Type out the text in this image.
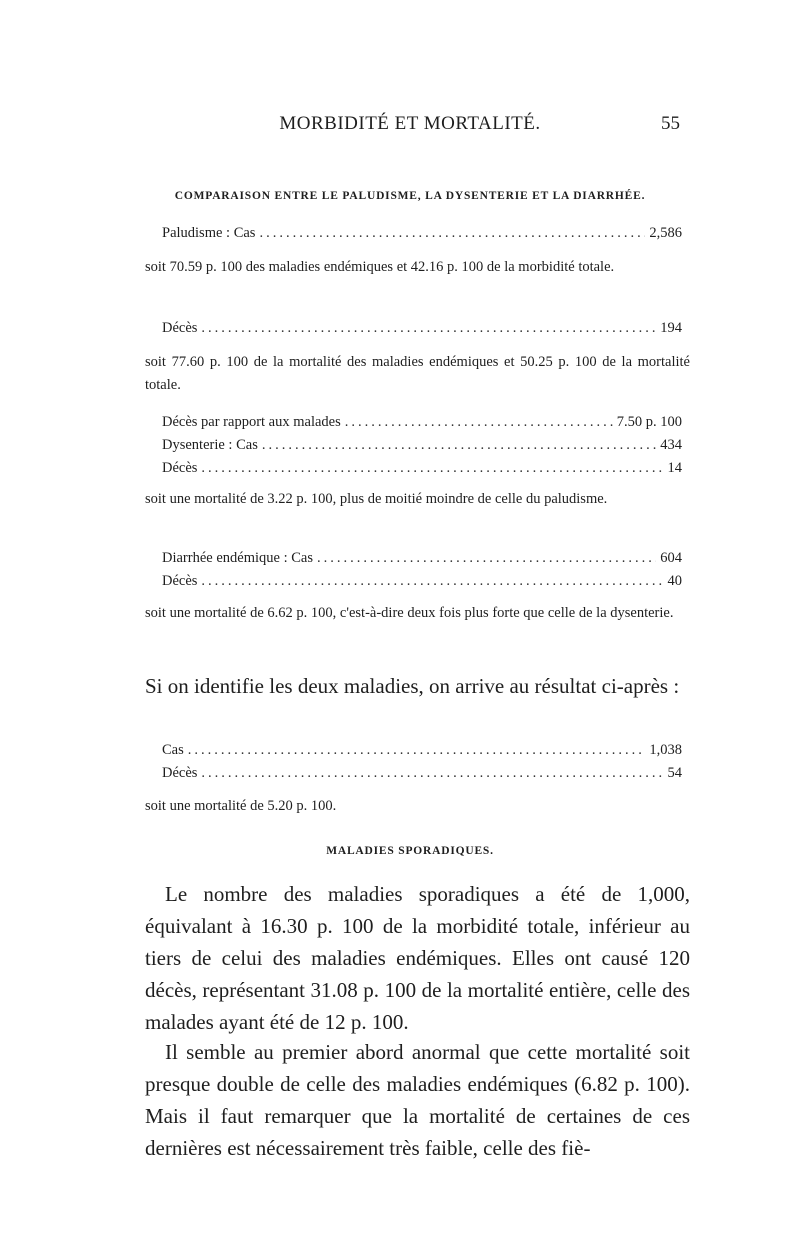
MORBIDITÉ ET MORTALITÉ.	55
COMPARAISON ENTRE LE PALUDISME, LA DYSENTERIE ET LA DIARRHÉE.
Paludisme : Cas .....	2,586
soit 70.59 p. 100 des maladies endémiques et 42.16 p. 100 de la morbidité totale.
Décès .....	194
soit 77.60 p. 100 de la mortalité des maladies endémiques et 50.25 p. 100 de la mortalité totale.
Décès par rapport aux malades .....	7.50 p. 100
Dysenterie : Cas .....	434
Décès .....	14
soit une mortalité de 3.22 p. 100, plus de moitié moindre de celle du paludisme.
Diarrhée endémique : Cas .....	604
Décès .....	40
soit une mortalité de 6.62 p. 100, c'est-à-dire deux fois plus forte que celle de la dysenterie.
Si on identifie les deux maladies, on arrive au résultat ci-après :
Cas .....	1,038
Décès .....	54
soit une mortalité de 5.20 p. 100.
MALADIES SPORADIQUES.
Le nombre des maladies sporadiques a été de 1,000, équivalant à 16.30 p. 100 de la morbidité totale, inférieur au tiers de celui des maladies endémiques. Elles ont causé 120 décès, représentant 31.08 p. 100 de la mortalité entière, celle des malades ayant été de 12 p. 100.
Il semble au premier abord anormal que cette mortalité soit presque double de celle des maladies endémiques (6.82 p. 100). Mais il faut remarquer que la mortalité de certaines de ces dernières est nécessairement très faible, celle des fiè-
